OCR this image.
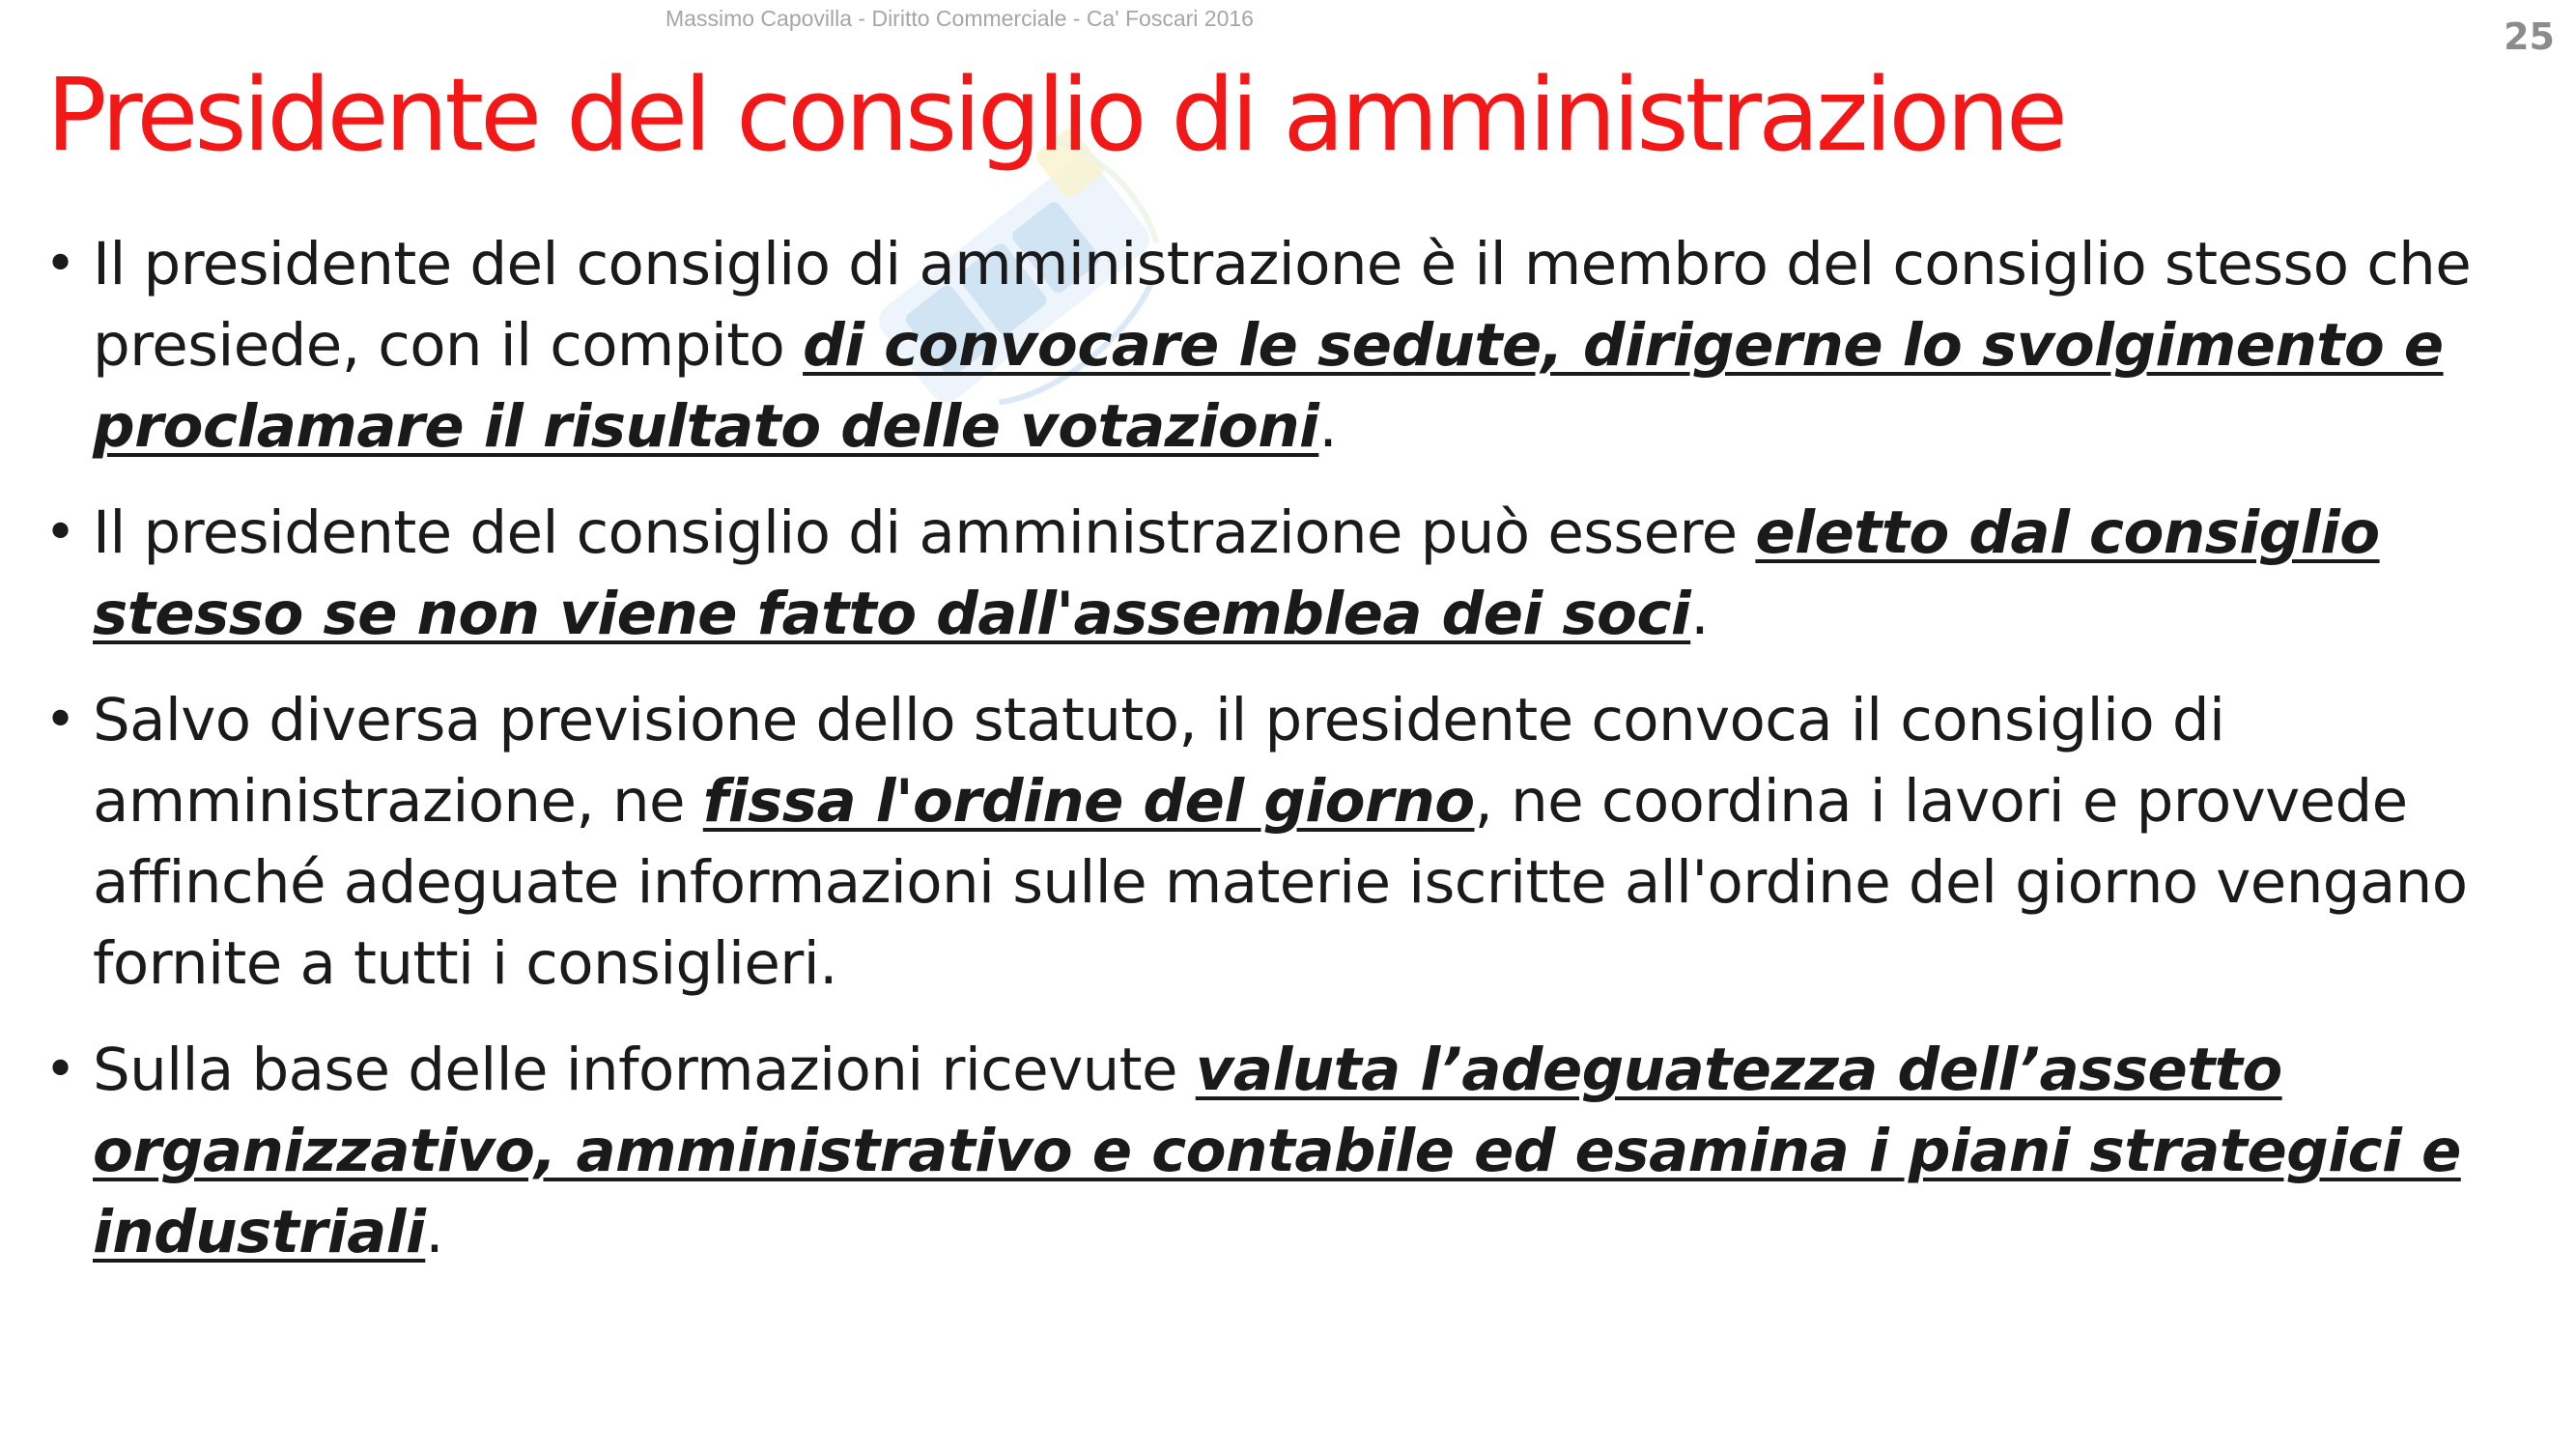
Massimo Capovilla - Diritto Commerciale - Ca' Foscari 2016	25
Presidente del consiglio di amministrazione
• Il presidente del consiglio di amministrazione è il membro del consiglio stesso che presiede, con il compito di convocare le sedute, dirigerne lo svolgimento e proclamare il risultato delle votazioni.
• Il presidente del consiglio di amministrazione può essere eletto dal consiglio stesso se non viene fatto dall'assemblea dei soci.
• Salvo diversa previsione dello statuto, il presidente convoca il consiglio di amministrazione, ne fissa l'ordine del giorno, ne coordina i lavori e provvede affinché adeguate informazioni sulle materie iscritte all'ordine del giorno vengano fornite a tutti i consiglieri.
• Sulla base delle informazioni ricevute valuta l’adeguatezza dell’assetto organizzativo, amministrativo e contabile ed esamina i piani strategici e industriali.
